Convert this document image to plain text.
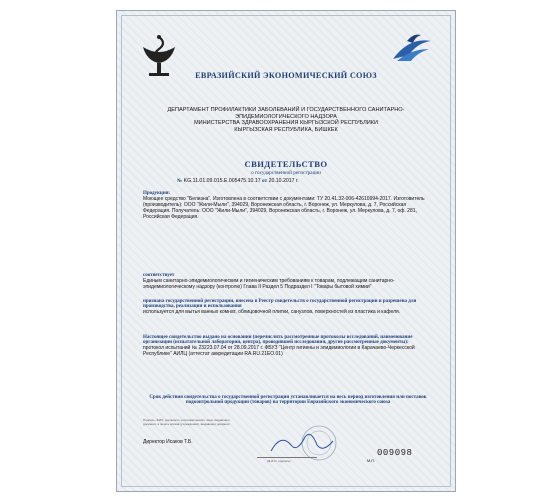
ЕВРАЗИЙСКИЙ ЭКОНОМИЧЕСКИЙ СОЮЗ
ДЕПАРТАМЕНТ ПРОФИЛАКТИКИ ЗАБОЛЕВАНИЙ И ГОСУДАРСТВЕННОГО САНИТАРНО-
ЭПИДЕМИОЛОГИЧЕСКОГО НАДЗОРА
МИНИСТЕРСТВА ЗДРАВООХРАНЕНИЯ КЫРГЫЗСКОЙ РЕСПУБЛИКИ
КЫРГЫЗСКАЯ РЕСПУБЛИКА, БИШКЕК
СВИДЕТЕЛЬСТВО
о государственной регистрации
№ KG.11.01.09.015.Е.005475.10.17 от 20.10.2017 г.
Продукция:
Моющее средство "Белизна". Изготовлена в соответствии с документами: ТУ 20.41.32-006-42610994-2017. Изготовитель (производитель): ООО "Жили-Мыли", 394029, Воронежская область, г. Воронеж, ул. Меркулова, д. 7, Российская Федерация. Получатель: ООО "Жили-Мыли", 394029, Воронежская область, г. Воронеж, ул. Меркулова, д. 7, оф. 281, Российская Федерация.
соответствует
Единым санитарно-эпидемиологическим и гигиеническим требованиям к товарам, подлежащим санитарно-эпидемиологическому надзору (контролю) Глава II Раздел 5 Подраздел I "Товары бытовой химии"
признана государственной регистрации, внесена в Реестр свидетельств о государственной регистрации и разрешена для производства, реализации и использования
используется для мытья ванных комнат, облицовочной плитки, санузлов, поверхностей из пластика и кафеля.
Настоящее свидетельство выдано на основании (перечислить рассмотренные протоколы исследований, наименование организации (испытательной лаборатории, центра), проводившей исследования, другие рассмотренные документы):
протокол испытаний № 23223.07.04 от 28.09.2017 г. ФБУЗ "Центр гигиены и эпидемиологии в Карачаево-Черкесской Республике" АИЛЦ (аттестат аккредитации RA.RU.21ЕО.01)
Срок действия свидетельства о государственной регистрации устанавливается на весь период изготовления или поставок подконтрольной продукции (товаров) на территории Евразийского экономического союза
Подпись, ФИО, должность уполномоченного лица, выдавшего документ, а печать органа (учреждения), выдавшего документ
Директор Исаков Т.Б.
(Ф.И.О. подпись)	М.П.
009098
